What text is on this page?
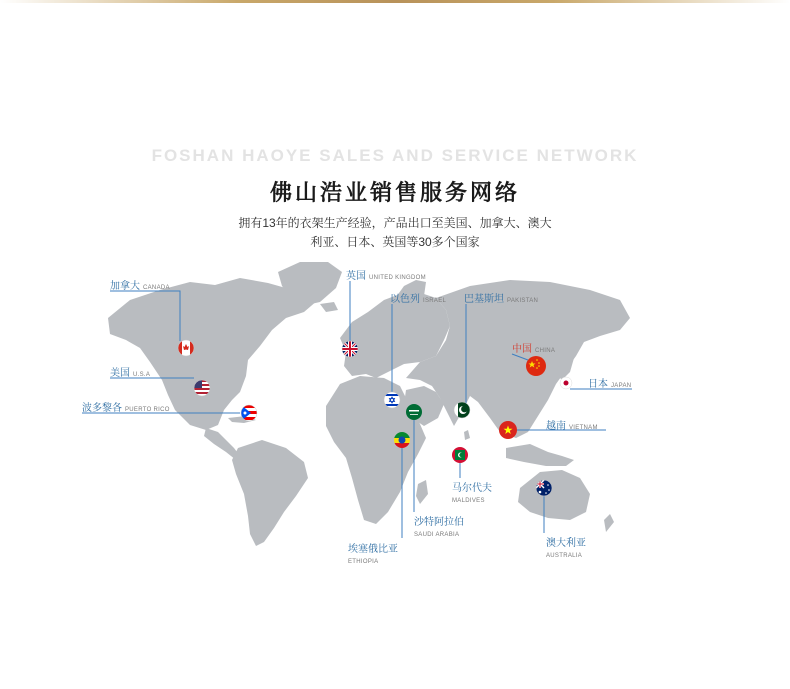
FOSHAN HAOYE SALES AND SERVICE NETWORK
佛山浩业销售服务网络
拥有13年的衣架生产经验，产品出口至美国、加拿大、澳大
利亚、日本、英国等30多个国家
加拿大 CANADA
美国 U.S.A
波多黎各 PUERTO RICO
英国 UNITED KINGDOM
以色列 ISRAEL 巴基斯坦 PAKISTAN
中国 CHINA
日本 JAPAN
越南 VIETNAM
马尔代夫
MALDIVES
沙特阿拉伯
SAUDI ARABIA
埃塞俄比亚
ETHIOPIA
澳大利亚
AUSTRALIA
